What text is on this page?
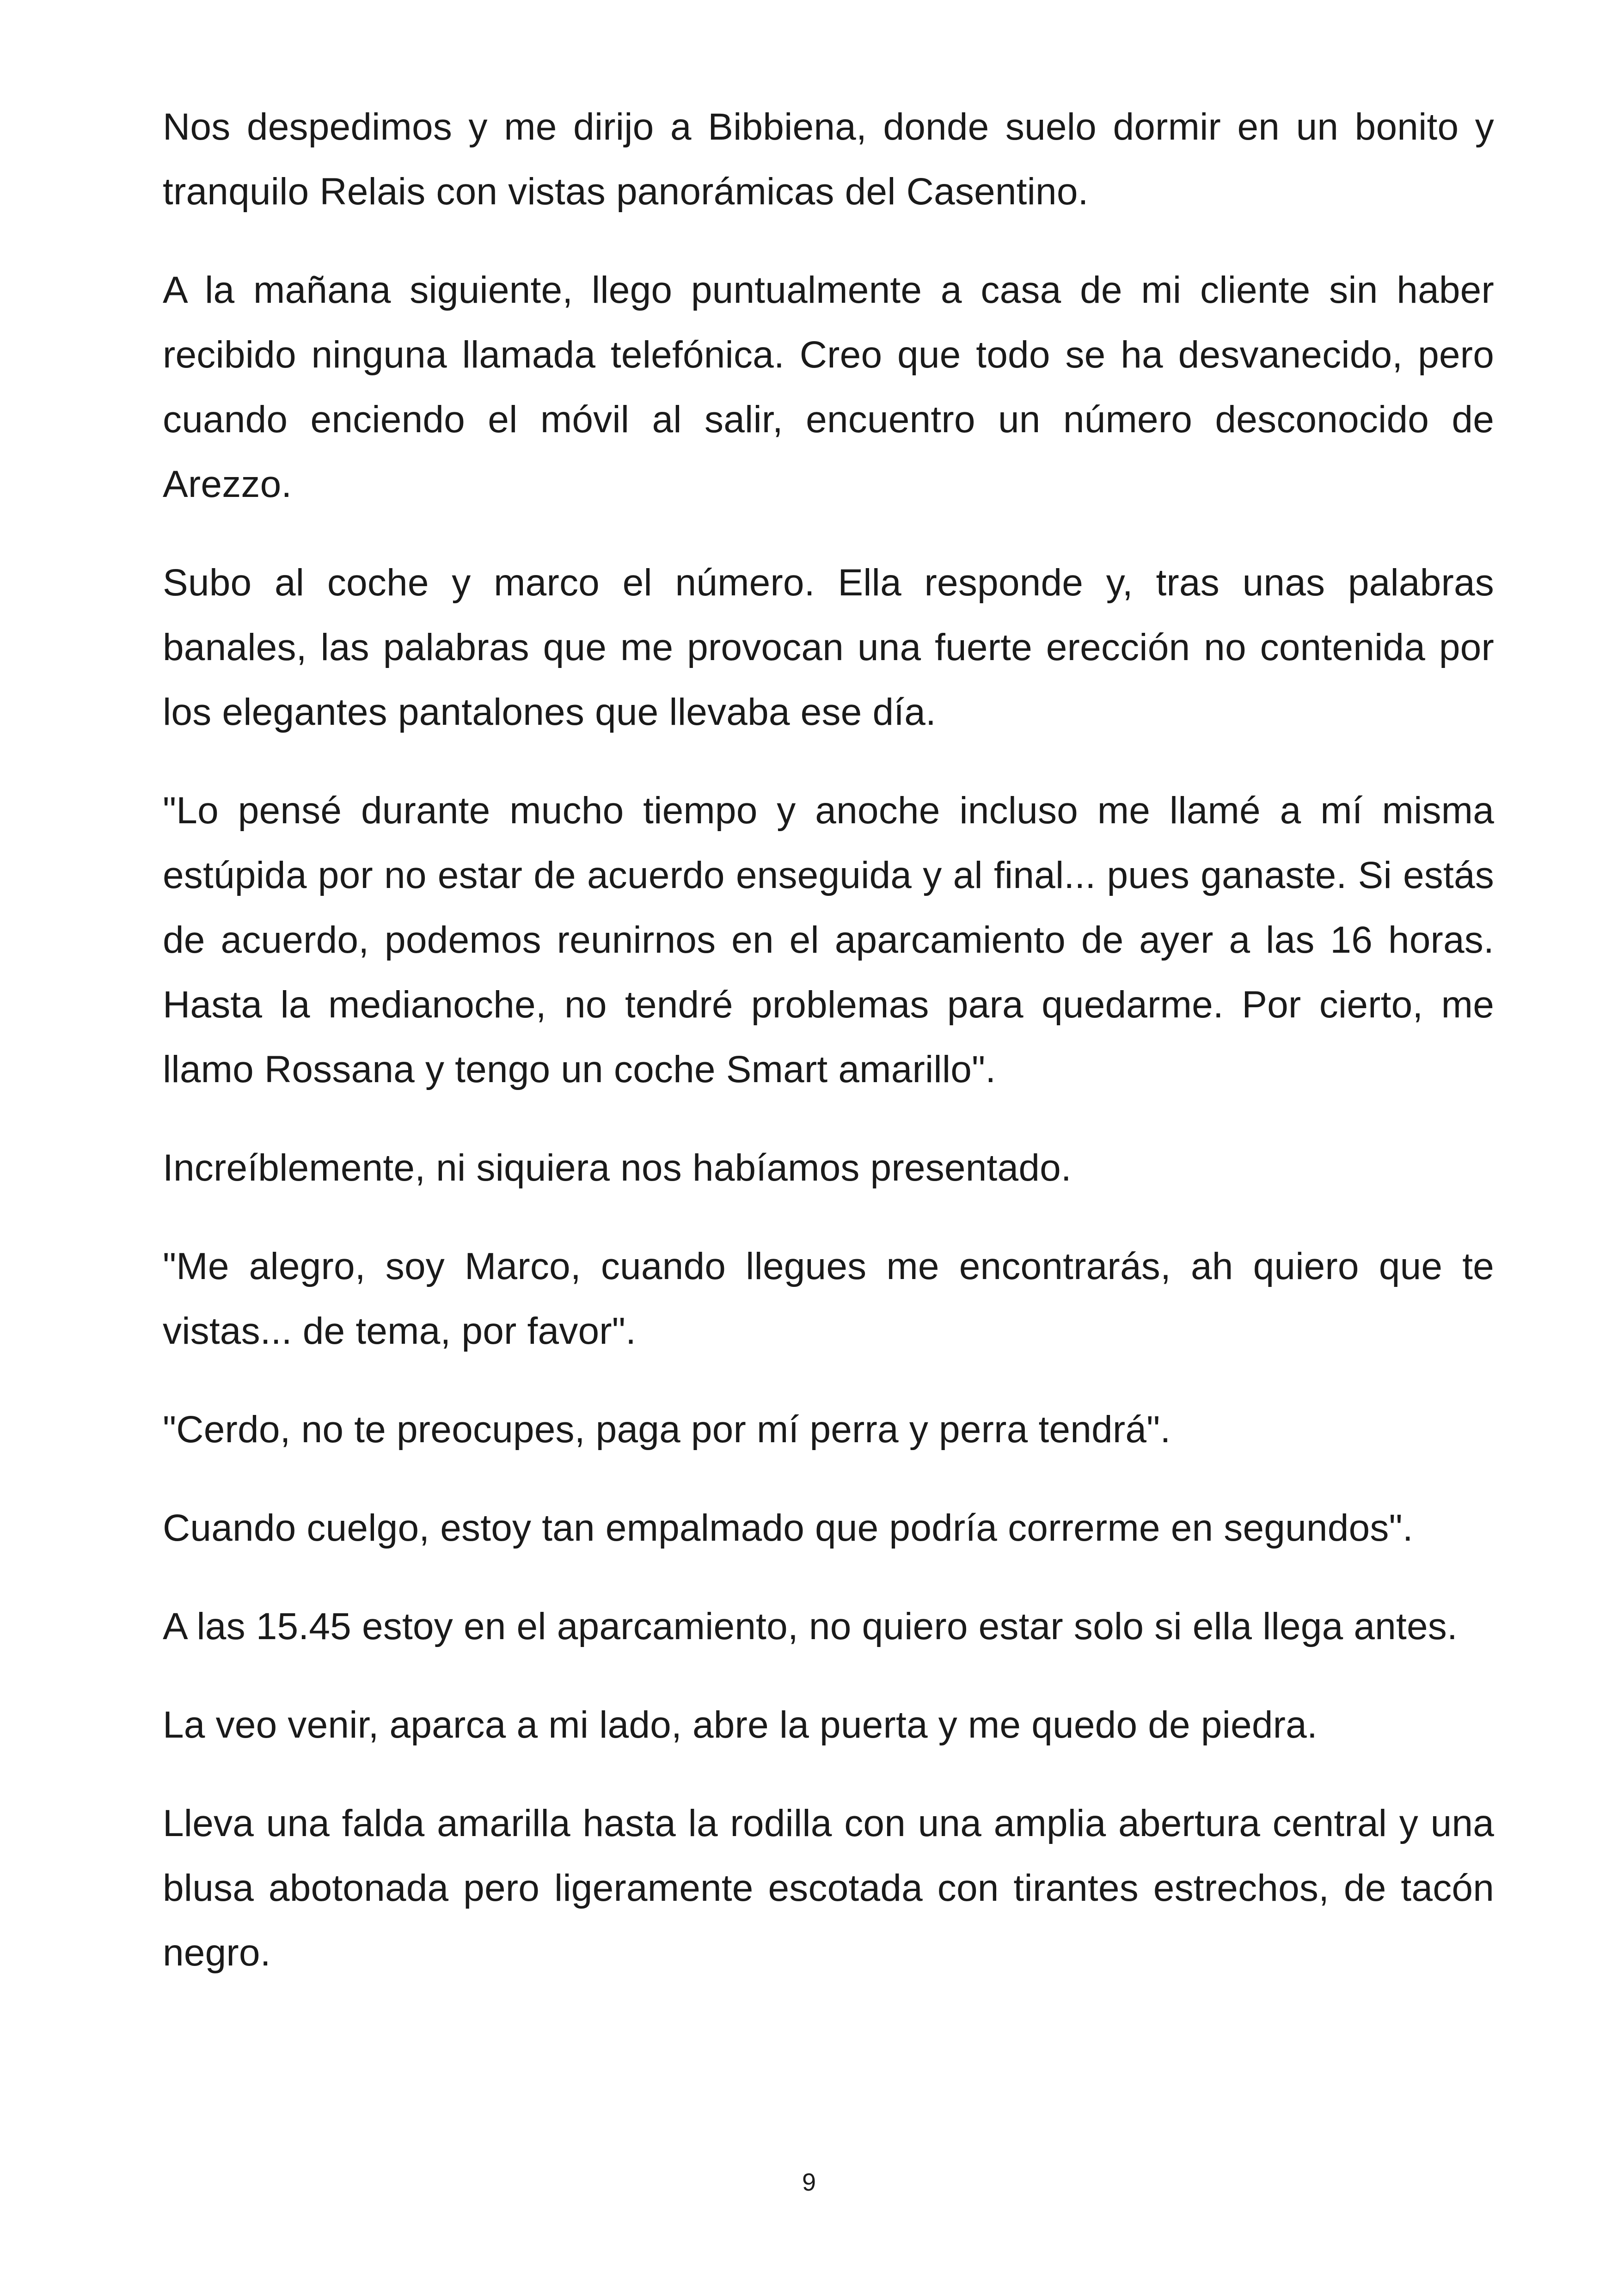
Nos despedimos y me dirijo a Bibbiena, donde suelo dormir en un bonito y tranquilo Relais con vistas panorámicas del Casentino.

A la mañana siguiente, llego puntualmente a casa de mi cliente sin haber recibido ninguna llamada telefónica. Creo que todo se ha desvanecido, pero cuando enciendo el móvil al salir, encuentro un número desconocido de Arezzo.

Subo al coche y marco el número. Ella responde y, tras unas palabras banales, las palabras que me provocan una fuerte erección no contenida por los elegantes pantalones que llevaba ese día.

"Lo pensé durante mucho tiempo y anoche incluso me llamé a mí misma estúpida por no estar de acuerdo enseguida y al final... pues ganaste. Si estás de acuerdo, podemos reunirnos en el aparcamiento de ayer a las 16 horas. Hasta la medianoche, no tendré problemas para quedarme. Por cierto, me llamo Rossana y tengo un coche Smart amarillo".

Increíblemente, ni siquiera nos habíamos presentado.

"Me alegro, soy Marco, cuando llegues me encontrarás, ah quiero que te vistas... de tema, por favor".

"Cerdo, no te preocupes, paga por mí perra y perra tendrá".

Cuando cuelgo, estoy tan empalmado que podría correrme en segundos".

A las 15.45 estoy en el aparcamiento, no quiero estar solo si ella llega antes.

La veo venir, aparca a mi lado, abre la puerta y me quedo de piedra.

Lleva una falda amarilla hasta la rodilla con una amplia abertura central y una blusa abotonada pero ligeramente escotada con tirantes estrechos, de tacón negro.

9
